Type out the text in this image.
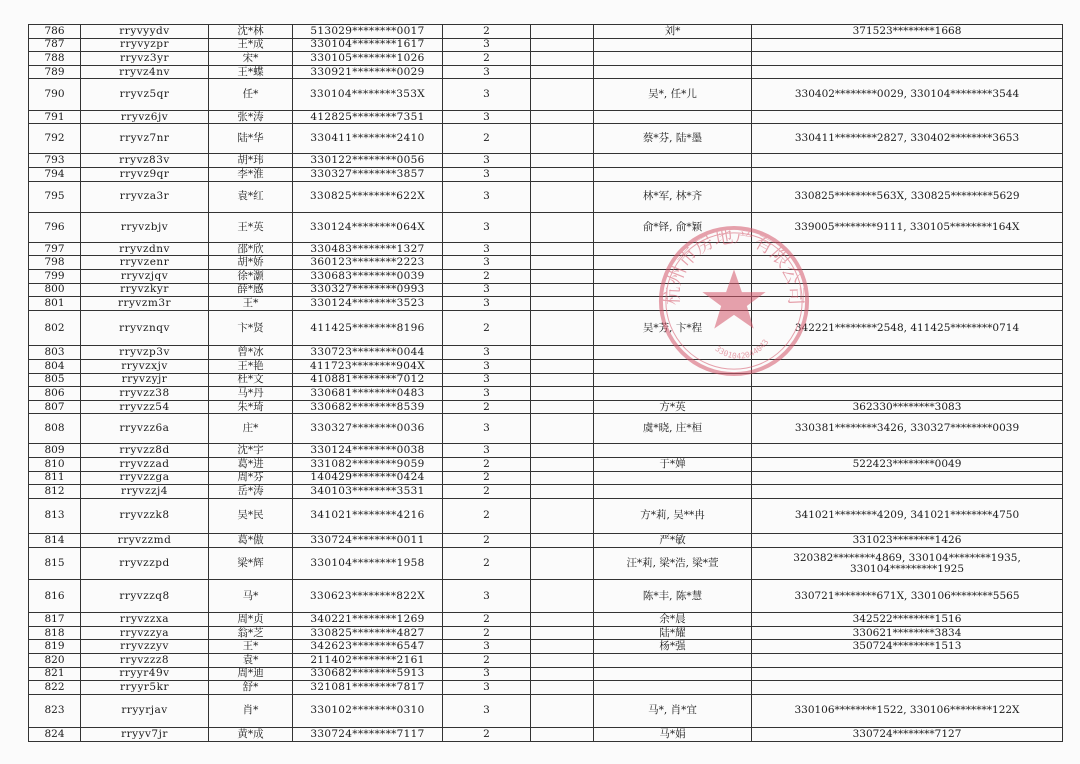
786	rryvyydv	沈*林	513029********0017	2		刘*	371523********1668
787	rryvyzpr	王*成	330104********1617	3			
788	rryvz3yr	宋*	330105********1026	2			
789	rryvz4nv	王*蝶	330921********0029	3			
790	rryvz5qr	任*	330104********353X	3		吴*, 任*儿	330402********0029, 330104********3544
791	rryvz6jv	张*涛	412825********7351	3			
792	rryvz7nr	陆*华	330411********2410	2		蔡*芬, 陆*墨	330411********2827, 330402********3653
793	rryvz83v	胡*玮	330122********0056	3			
794	rryvz9qr	李*淮	330327********3857	3			
795	rryvza3r	袁*红	330825********622X	3		林*军, 林*齐	330825********563X, 330825********5629
796	rryvzbjv	王*英	330124********064X	3		俞*铎, 俞*颖	339005********9111, 330105********164X
797	rryvzdnv	邵*欣	330483********1327	3			
798	rryvzenr	胡*娇	360123********2223	3			
799	rryvzjqv	徐*灏	330683********0039	2			
800	rryvzkyr	薛*感	330327********0993	3			
801	rryvzm3r	王*	330124********3523	3			
802	rryvznqv	卞*贤	411425********8196	2		吴*芳, 卞*程	342221********2548, 411425********0714
803	rryvzp3v	曾*冰	330723********0044	3			
804	rryvzxjv	王*艳	411723********904X	3			
805	rryvzyjr	杜*文	410881********7012	3			
806	rryvzz38	马*丹	330681********0483	3			
807	rryvzz54	朱*琦	330682********8539	2		方*英	362330********3083
808	rryvzz6a	庄*	330327********0036	3		虞*晓, 庄*桓	330381********3426, 330327********0039
809	rryvzz8d	沈*宇	330124********0038	3			
810	rryvzzad	葛*进	331082********9059	2		于*婵	522423********0049
811	rryvzzga	周*芬	140429********0424	2			
812	rryvzzj4	岳*涛	340103********3531	2			
813	rryvzzk8	吴*民	341021********4216	2		方*莉, 吴**冉	341021********4209, 341021********4750
814	rryvzzmd	葛*傲	330724********0011	2		严*敏	331023********1426
815	rryvzzpd	梁*辉	330104********1958	2		汪*莉, 梁*浩, 梁*萱	320382********4869, 330104********1935, 330104*********1925
816	rryvzzq8	马*	330623********822X	3		陈*丰, 陈*慧	330721********671X, 330106********5565
817	rryvzzxa	周*贞	340221********1269	2		余*晨	342522********1516
818	rryvzzya	翁*芝	330825********4827	2		陆*耀	330621********3834
819	rryvzzyv	王*	342623********6547	3		杨*强	350724********1513
820	rryvzzz8	袁*	211402********2161	2			
821	rryyr49v	周*迪	330682********5913	3			
822	rryyr5kr	舒*	321081********7817	3			
823	rryyrjav	肖*	330102********0310	3		马*, 肖*宜	330106********1522, 330106********122X
824	rryyv7jr	黄*成	330724********7117	2		马*娟	330724********7127
杭州市房地产有限公司
3301042044043
